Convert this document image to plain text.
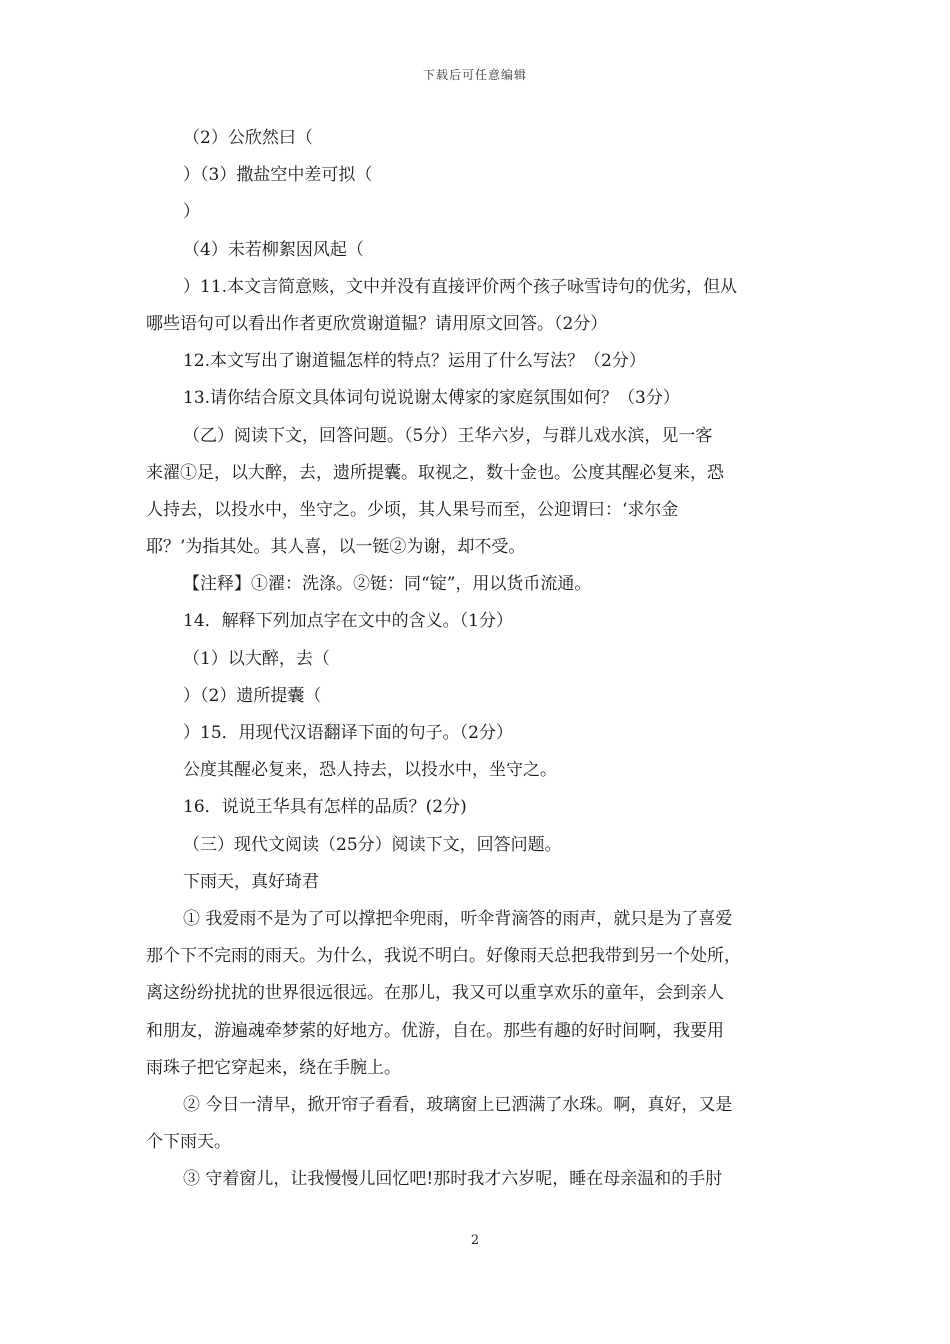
下载后可任意编辑
（2）公欣然曰（
）（3）撒盐空中差可拟（
）
（4）未若柳絮因风起（
）11.本文言简意赅，文中并没有直接评价两个孩子咏雪诗句的优劣，但从
哪些语句可以看出作者更欣赏谢道韫？请用原文回答。（2分）
12.本文写出了谢道韫怎样的特点？运用了什么写法？（2分）
13.请你结合原文具体词句说说谢太傅家的家庭氛围如何？（3分）
（乙）阅读下文，回答问题。（5分）王华六岁，与群儿戏水滨，见一客
来濯①足，以大醉，去，遗所提囊。取视之，数十金也。公度其醒必复来，恐
人持去，以投水中，坐守之。少顷，其人果号而至，公迎谓曰：‘求尔金
耶？’为指其处。其人喜，以一铤②为谢，却不受。
【注释】①濯：洗涤。②铤：同“锭”，用以货币流通。
14．解释下列加点字在文中的含义。（1分）
（1）以大醉，去（
）（2）遗所提囊（
）15．用现代汉语翻译下面的句子。（2分）
公度其醒必复来，恐人持去，以投水中，坐守之。
16．说说王华具有怎样的品质？(2分)
（三）现代文阅读（25分）阅读下文，回答问题。
下雨天，真好琦君
① 我爱雨不是为了可以撑把伞兜雨，听伞背滴答的雨声，就只是为了喜爱
那个下不完雨的雨天。为什么，我说不明白。好像雨天总把我带到另一个处所，
离这纷纷扰扰的世界很远很远。在那儿，我又可以重享欢乐的童年，会到亲人
和朋友，游遍魂牵梦萦的好地方。优游，自在。那些有趣的好时间啊，我要用
雨珠子把它穿起来，绕在手腕上。
② 今日一清早，掀开帘子看看，玻璃窗上已洒满了水珠。啊，真好，又是
个下雨天。
③ 守着窗儿，让我慢慢儿回忆吧!那时我才六岁呢，睡在母亲温和的手肘
2
